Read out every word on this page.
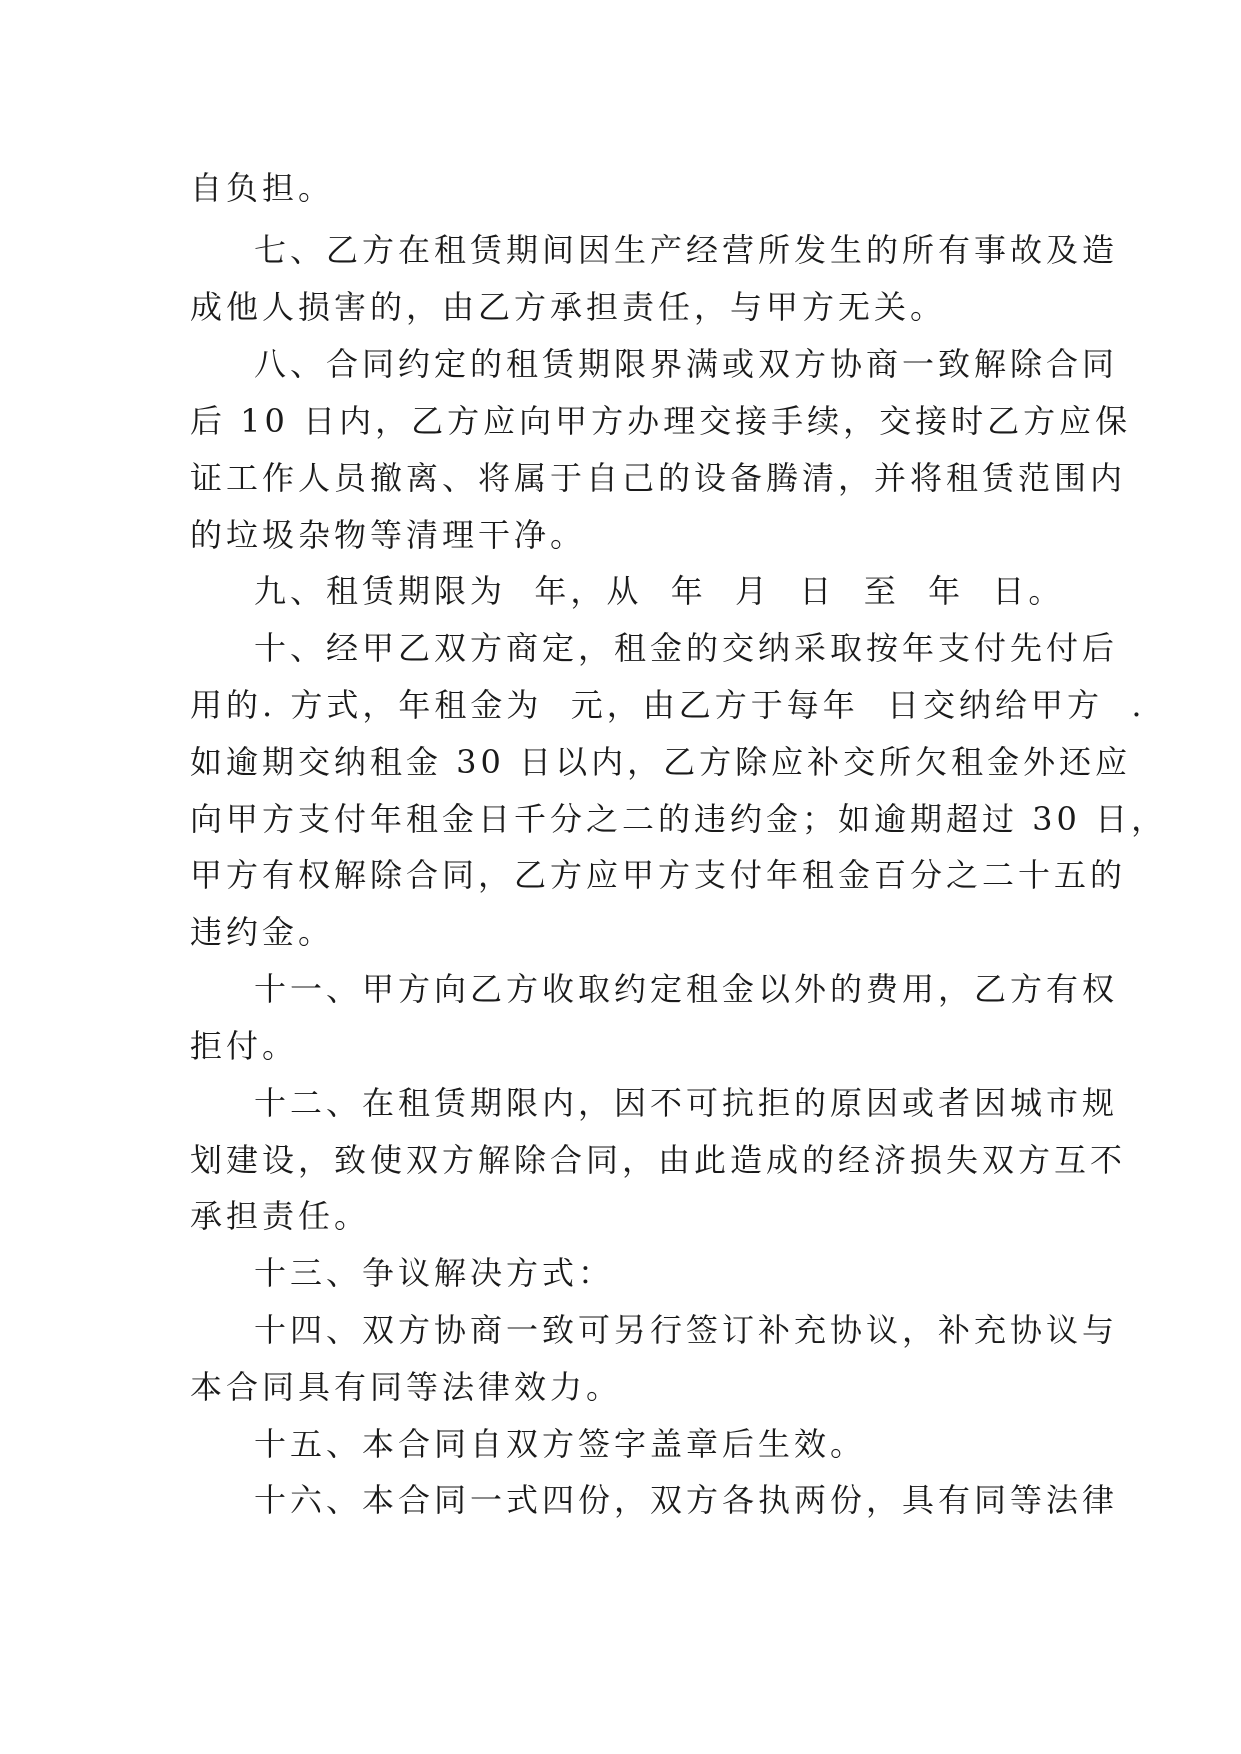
自负担。
七、乙方在租赁期间因生产经营所发生的所有事故及造
成他人损害的，由乙方承担责任，与甲方无关。
八、合同约定的租赁期限界满或双方协商一致解除合同
后 10 日内，乙方应向甲方办理交接手续，交接时乙方应保
证工作人员撤离、将属于自己的设备腾清，并将租赁范围内
的垃圾杂物等清理干净。
九、租赁期限为  年，从  年  月  日  至  年  日。
十、经甲乙双方商定，租金的交纳采取按年支付先付后
用的. 方式，年租金为  元，由乙方于每年  日交纳给甲方  .
如逾期交纳租金 30 日以内，乙方除应补交所欠租金外还应
向甲方支付年租金日千分之二的违约金；如逾期超过 30 日，
甲方有权解除合同，乙方应甲方支付年租金百分之二十五的
违约金。
十一、甲方向乙方收取约定租金以外的费用，乙方有权
拒付。
十二、在租赁期限内，因不可抗拒的原因或者因城市规
划建设，致使双方解除合同，由此造成的经济损失双方互不
承担责任。
十三、争议解决方式：
十四、双方协商一致可另行签订补充协议，补充协议与
本合同具有同等法律效力。
十五、本合同自双方签字盖章后生效。
十六、本合同一式四份，双方各执两份，具有同等法律
